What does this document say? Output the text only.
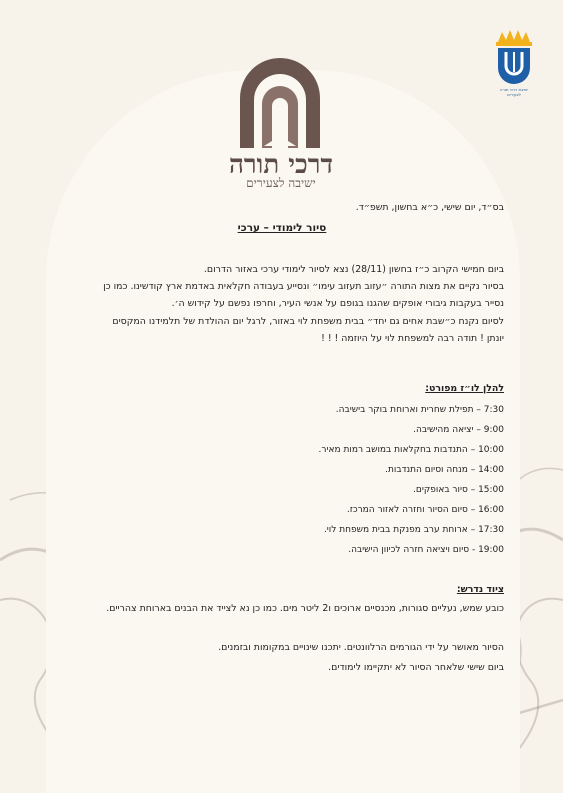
דרכי תורה
ישיבה לצעירים
ישיבת דרכי תורה לצעירים
בס״ד, יום שישי, כ״א בחשון, תשפ״ד.
סיור לימודי – ערכי
ביום חמישי הקרוב כ״ז בחשון (28/11) נצא לסיור לימודי ערכי באזור הדרום.
בסיור נקיים את מצות התורה ״עזוב תעזוב עימו״ ונסייע בעבודה חקלאית באדמת ארץ קודשינו. כמו כן
נסייר בעקבות גיבורי אופקים שהגנו בגופם על אנשי העיר, וחרפו נפשם על קידוש ה׳.
לסיום נקנח כ״שבת אחים גם יחד״ בבית משפחת לוי באזור, לרגל יום ההולדת של תלמידנו המקסים
יונתן ! תודה רבה למשפחת לוי על היוזמה ! ! !
להלן לו״ז מפורט:
7:30 – תפילת שחרית וארוחת בוקר בישיבה.
9:00 – יציאה מהישיבה.
10:00 – התנדבות בחקלאות במושב רמות מאיר.
14:00 – מנחה וסיום התנדבות.
15:00 – סיור באופקים.
16:00 – סיום הסיור וחזרה לאזור המרכז.
17:30 – ארוחת ערב מפנקת בבית משפחת לוי.
19:00 - סיום ויציאה חזרה לכיוון הישיבה.
ציוד נדרש:
כובע שמש, נעליים סגורות, מכנסיים ארוכים ו2 ליטר מים. כמו כן נא לצייד את הבנים בארוחת צהריים.
הסיור מאושר על ידי הגורמים הרלוונטים. יתכנו שינויים במקומות ובזמנים.
ביום שישי שלאחר הסיור לא יתקיימו לימודים.
